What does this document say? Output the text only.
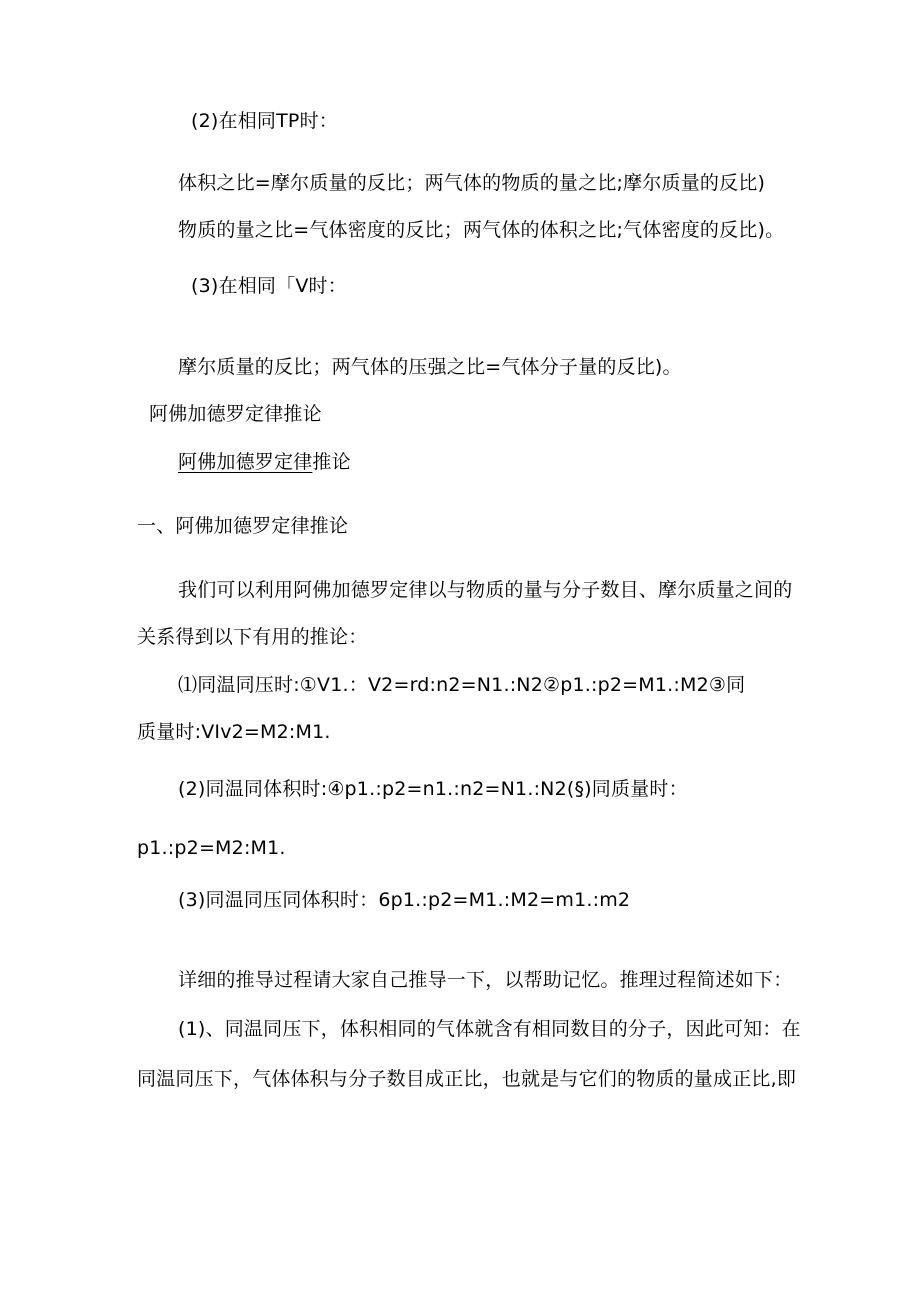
(2)在相同TP时：
体积之比=摩尔质量的反比；两气体的物质的量之比;摩尔质量的反比)
物质的量之比=气体密度的反比；两气体的体积之比;气体密度的反比)。
(3)在相同「V时：
摩尔质量的反比；两气体的压强之比=气体分子量的反比)。
阿佛加德罗定律推论
阿佛加德罗定律推论
一、阿佛加德罗定律推论
我们可以利用阿佛加德罗定律以与物质的量与分子数目、摩尔质量之间的
关系得到以下有用的推论：
⑴同温同压时:①V1.：V2=rd:n2=N1.:N2②p1.:p2=M1.:M2③同
质量时:VIv2=M2:M1.
(2)同温同体积时:④p1.:p2=n1.:n2=N1.:N2(§)同质量时：
p1.:p2=M2:M1.
(3)同温同压同体积时：6p1.:p2=M1.:M2=m1.:m2
详细的推导过程请大家自己推导一下，以帮助记忆。推理过程简述如下：
(1)、同温同压下，体积相同的气体就含有相同数目的分子，因此可知：在
同温同压下，气体体积与分子数目成正比，也就是与它们的物质的量成正比,即
